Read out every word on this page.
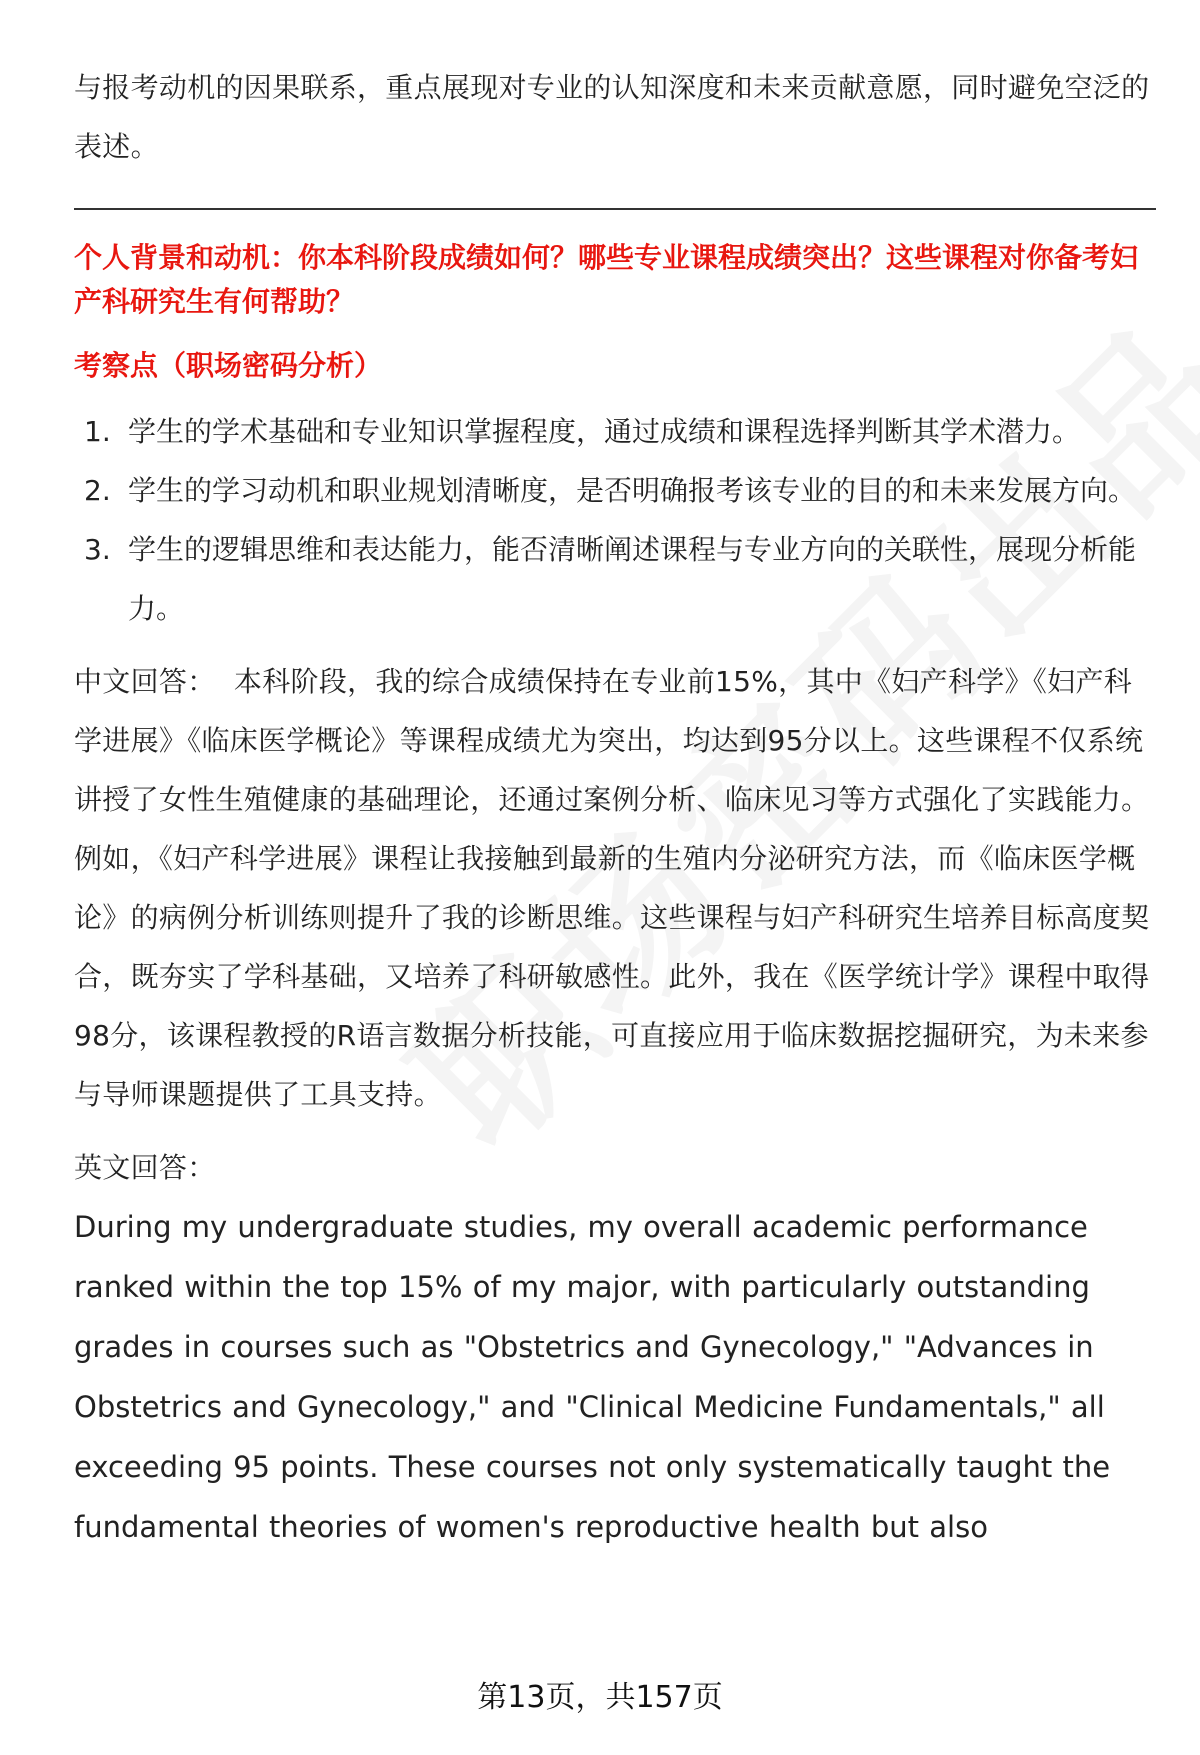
与报考动机的因果联系，重点展现对专业的认知深度和未来贡献意愿，同时避免空泛的表述。

个人背景和动机：你本科阶段成绩如何？哪些专业课程成绩突出？这些课程对你备考妇产科研究生有何帮助？

考察点（职场密码分析）

1. 学生的学术基础和专业知识掌握程度，通过成绩和课程选择判断其学术潜力。
2. 学生的学习动机和职业规划清晰度，是否明确报考该专业的目的和未来发展方向。
3. 学生的逻辑思维和表达能力，能否清晰阐述课程与专业方向的关联性，展现分析能力。

中文回答： 本科阶段，我的综合成绩保持在专业前15%，其中《妇产科学》《妇产科学进展》《临床医学概论》等课程成绩尤为突出，均达到95分以上。这些课程不仅系统讲授了女性生殖健康的基础理论，还通过案例分析、临床见习等方式强化了实践能力。例如，《妇产科学进展》课程让我接触到最新的生殖内分泌研究方法，而《临床医学概论》的病例分析训练则提升了我的诊断思维。这些课程与妇产科研究生培养目标高度契合，既夯实了学科基础，又培养了科研敏感性。此外，我在《医学统计学》课程中取得98分，该课程教授的R语言数据分析技能，可直接应用于临床数据挖掘研究，为未来参与导师课题提供了工具支持。

英文回答：

During my undergraduate studies, my overall academic performance ranked within the top 15% of my major, with particularly outstanding grades in courses such as "Obstetrics and Gynecology," "Advances in Obstetrics and Gynecology," and "Clinical Medicine Fundamentals," all exceeding 95 points. These courses not only systematically taught the fundamental theories of women's reproductive health but also

第13页，共157页
